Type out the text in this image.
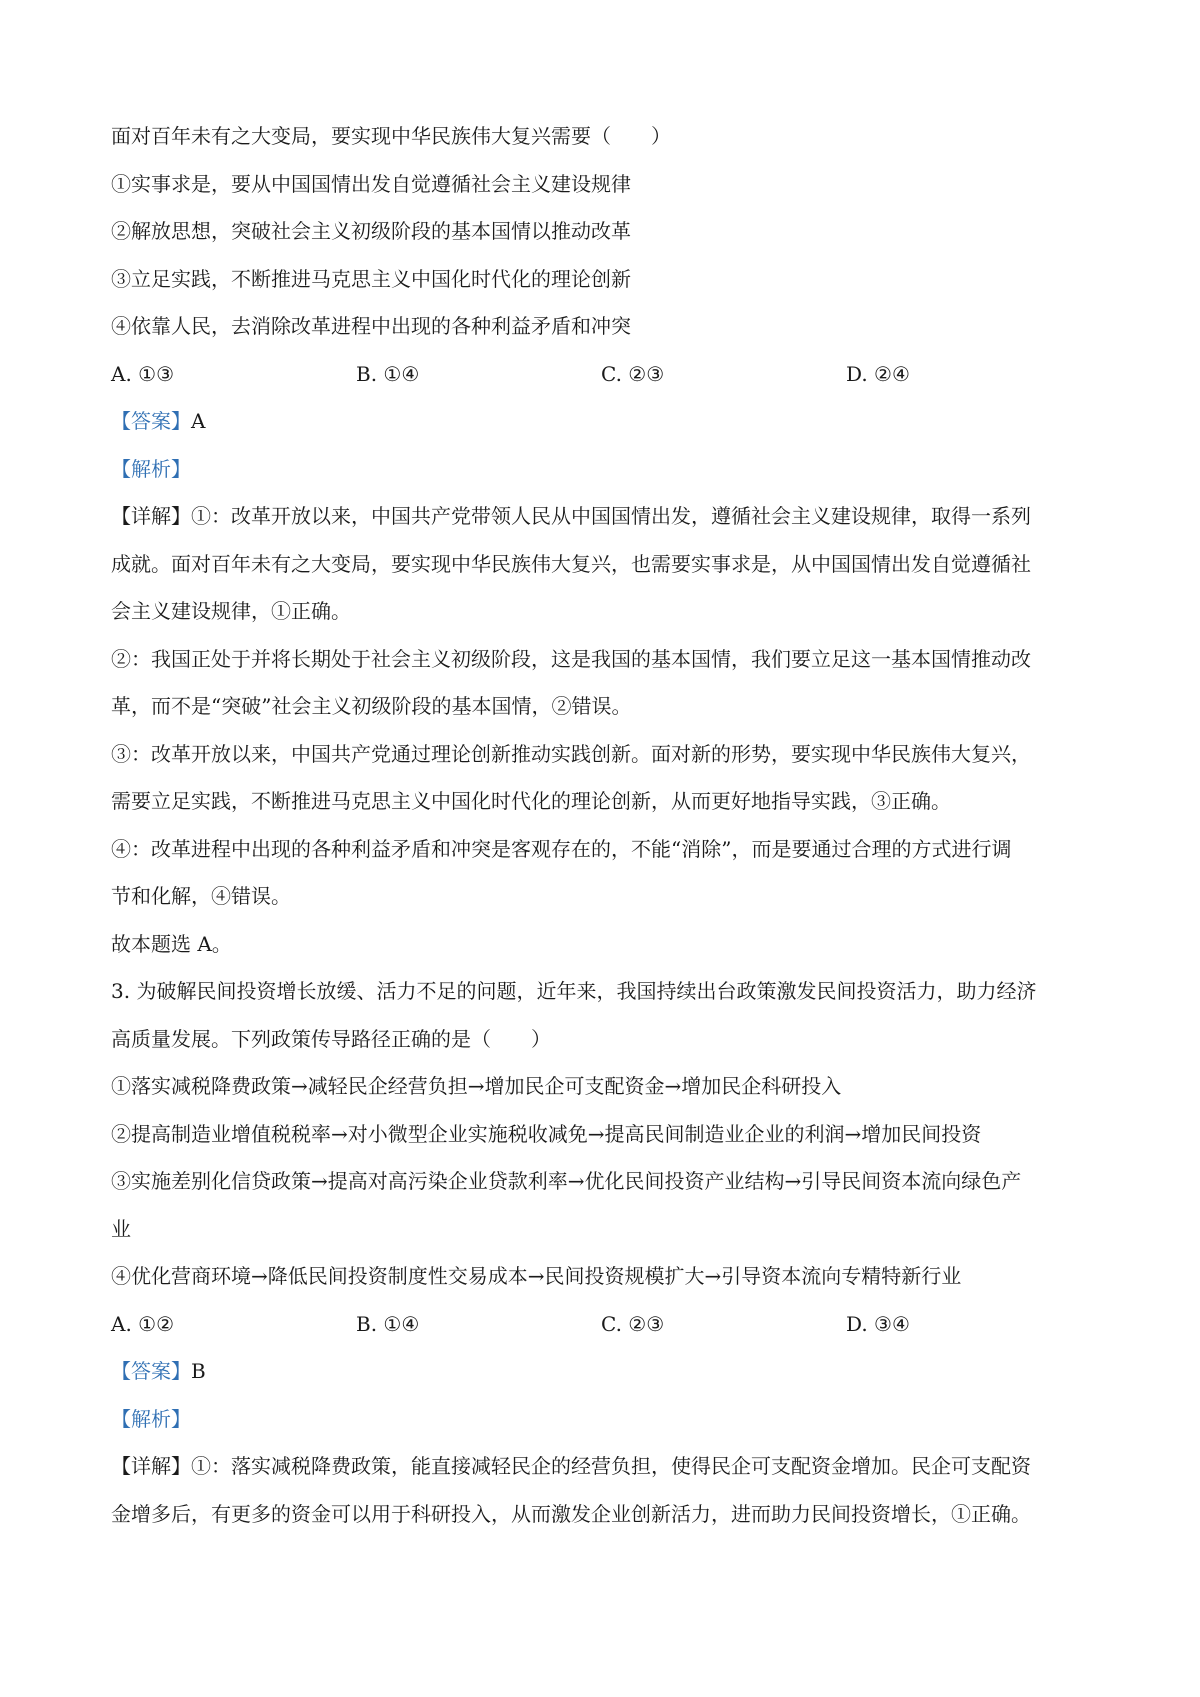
面对百年未有之大变局，要实现中华民族伟大复兴需要（　　）
①实事求是，要从中国国情出发自觉遵循社会主义建设规律
②解放思想，突破社会主义初级阶段的基本国情以推动改革
③立足实践，不断推进马克思主义中国化时代化的理论创新
④依靠人民，去消除改革进程中出现的各种利益矛盾和冲突
A. ①③	B. ①④	C. ②③	D. ②④
【答案】A
【解析】
【详解】①：改革开放以来，中国共产党带领人民从中国国情出发，遵循社会主义建设规律，取得一系列
成就。面对百年未有之大变局，要实现中华民族伟大复兴，也需要实事求是，从中国国情出发自觉遵循社
会主义建设规律，①正确。
②：我国正处于并将长期处于社会主义初级阶段，这是我国的基本国情，我们要立足这一基本国情推动改
革，而不是“突破”社会主义初级阶段的基本国情，②错误。
③：改革开放以来，中国共产党通过理论创新推动实践创新。面对新的形势，要实现中华民族伟大复兴，
需要立足实践，不断推进马克思主义中国化时代化的理论创新，从而更好地指导实践，③正确。
④：改革进程中出现的各种利益矛盾和冲突是客观存在的，不能“消除”，而是要通过合理的方式进行调
节和化解，④错误。
故本题选 A。
3. 为破解民间投资增长放缓、活力不足的问题，近年来，我国持续出台政策激发民间投资活力，助力经济
高质量发展。下列政策传导路径正确的是（　　）
①落实减税降费政策→减轻民企经营负担→增加民企可支配资金→增加民企科研投入
②提高制造业增值税税率→对小微型企业实施税收减免→提高民间制造业企业的利润→增加民间投资
③实施差别化信贷政策→提高对高污染企业贷款利率→优化民间投资产业结构→引导民间资本流向绿色产
业
④优化营商环境→降低民间投资制度性交易成本→民间投资规模扩大→引导资本流向专精特新行业
A. ①②	B. ①④	C. ②③	D. ③④
【答案】B
【解析】
【详解】①：落实减税降费政策，能直接减轻民企的经营负担，使得民企可支配资金增加。民企可支配资
金增多后，有更多的资金可以用于科研投入，从而激发企业创新活力，进而助力民间投资增长，①正确。
